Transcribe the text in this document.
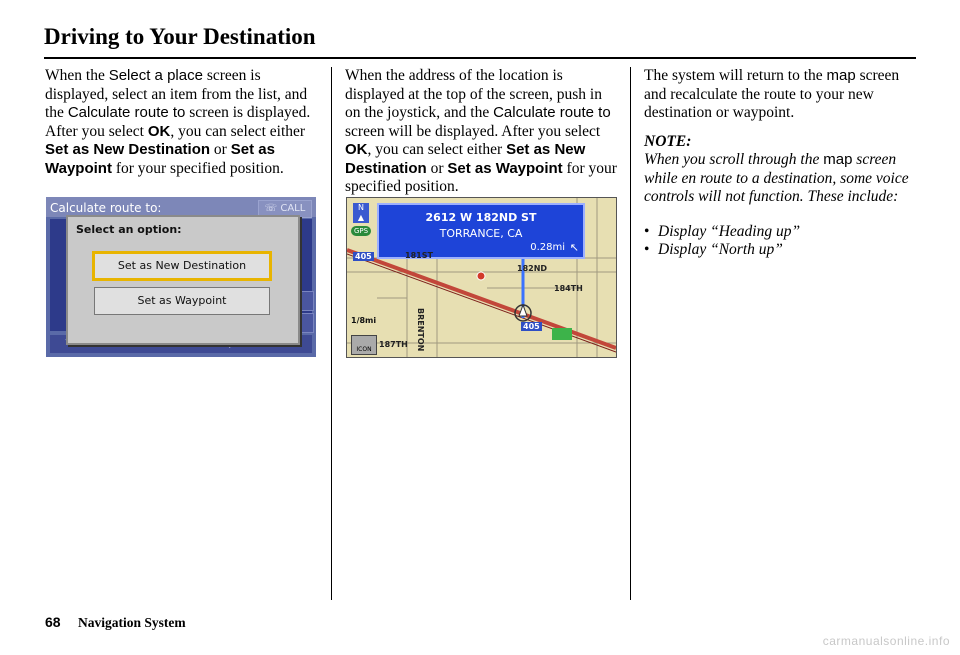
Driving to Your Destination

When the Select a place screen is displayed, select an item from the list, and the Calculate route to screen is displayed. After you select OK, you can select either Set as New Destination or Set as Waypoint for your specified position.

When the address of the location is displayed at the top of the screen, push in on the joystick, and the Calculate route to screen will be displayed. After you select OK, you can select either Set as New Destination or Set as Waypoint for your specified position.

The system will return to the map screen and recalculate the route to your new destination or waypoint.

NOTE:

When you scroll through the map screen while en route to a destination, some voice controls will not function. These include:

• Display “Heading up”
• Display “North up”
Calculate route to:	☏ CALL
Select an option:
Set as New Destination
Set as Waypoint
N
▲
GPS
2612 W 182ND ST
TORRANCE, CA
0.28mi ↖
181ST
182ND
184TH
187TH BRENTON
405
405
1/8mi
ICON
68 Navigation System
carmanualsonline.info
